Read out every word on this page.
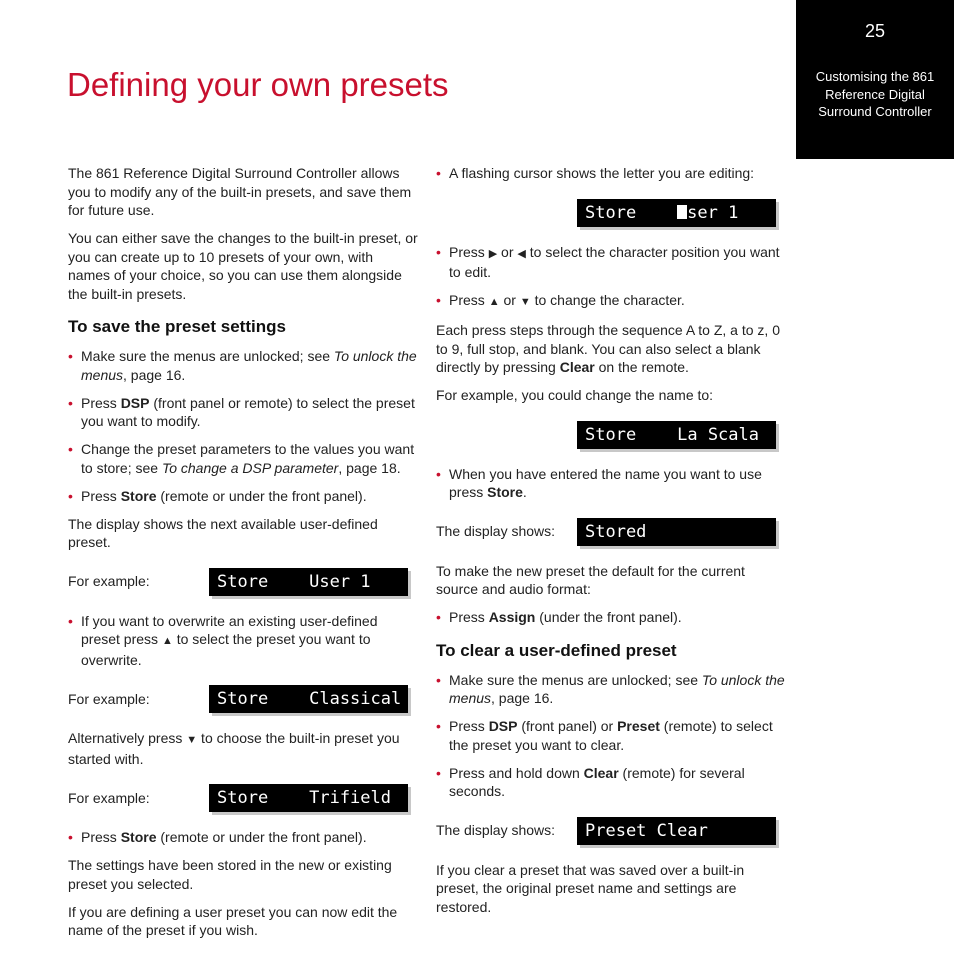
25
Customising the 861
Reference Digital
Surround Controller
Defining your own presets

The 861 Reference Digital Surround Controller allows you to modify any of the built-in presets, and save them for future use.

You can either save the changes to the built-in preset, or you can create up to 10 presets of your own, with names of your choice, so you can use them alongside the built-in presets.

To save the preset settings
• Make sure the menus are unlocked; see To unlock the menus, page 16.
• Press DSP (front panel or remote) to select the preset you want to modify.
• Change the preset parameters to the values you want to store; see To change a DSP parameter, page 18.
• Press Store (remote or under the front panel).

The display shows the next available user-defined preset.

For example:	Store    User 1
• If you want to overwrite an existing user-defined preset press ▲ to select the preset you want to overwrite.
For example:	Store    Classical

Alternatively press ▼ to choose the built-in preset you started with.

For example:	Store    Trifield
• Press Store (remote or under the front panel).

The settings have been stored in the new or existing preset you selected.

If you are defining a user preset you can now edit the name of the preset if you wish.

• A flashing cursor shows the letter you are editing:
Store    ser 1
• Press ▶ or ◀ to select the character position you want to edit.
• Press ▲ or ▼ to change the character.

Each press steps through the sequence A to Z, a to z, 0 to 9, full stop, and blank. You can also select a blank directly by pressing Clear on the remote.

For example, you could change the name to:

Store    La Scala
• When you have entered the name you want to use press Store.
The display shows:	Stored

To make the new preset the default for the current source and audio format:

• Press Assign (under the front panel).
To clear a user-defined preset
• Make sure the menus are unlocked; see To unlock the menus, page 16.
• Press DSP (front panel) or Preset (remote) to select the preset you want to clear.
• Press and hold down Clear (remote) for several seconds.
The display shows:	Preset Clear

If you clear a preset that was saved over a built-in preset, the original preset name and settings are restored.
